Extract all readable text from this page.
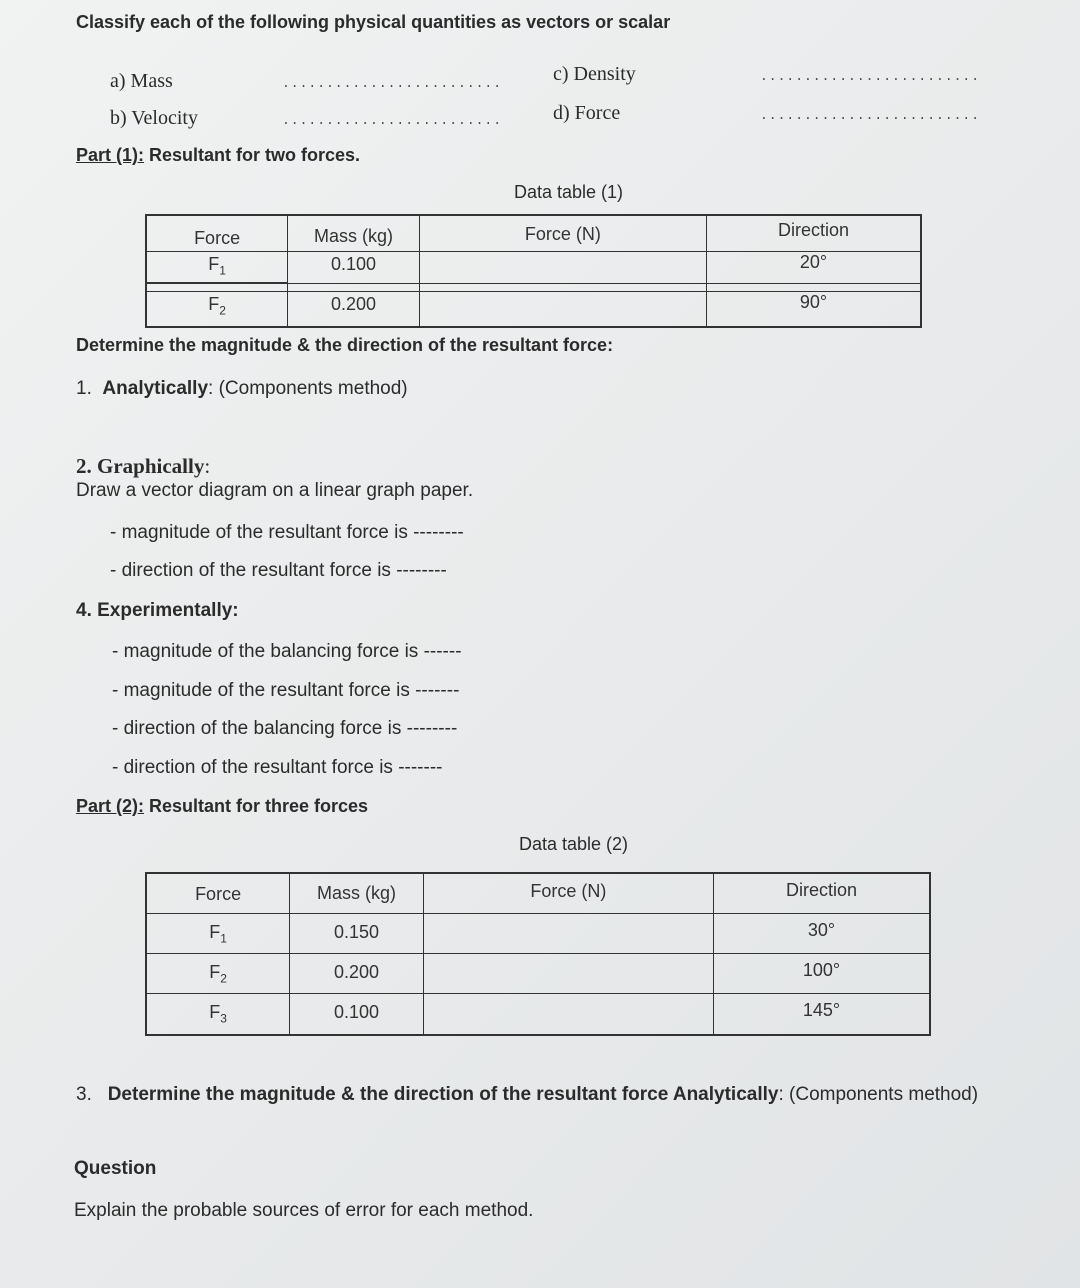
Classify each of the following physical quantities as vectors or scalar
a) Mass	.........................
b) Velocity	.........................
c) Density	.........................
d) Force	.........................
Part (1): Resultant for two forces.
Data table (1)
Force	Mass (kg)	Force (N)	Direction
$F_1$	0.100		20°

$F_2$	0.200		90°
Determine the magnitude & the direction of the resultant force:
1. Analytically: (Components method)
2. Graphically:
Draw a vector diagram on a linear graph paper.
- magnitude of the resultant force is --------
- direction of the resultant force is --------
4. Experimentally:
- magnitude of the balancing force is ------
- magnitude of the resultant force is -------
- direction of the balancing force is --------
- direction of the resultant force is -------
Part (2): Resultant for three forces
Data table (2)
Force	Mass (kg)	Force (N)	Direction
$F_1$	0.150		30°
$F_2$	0.200		100°
$F_3$	0.100		145°
3. Determine the magnitude & the direction of the resultant force Analytically: (Components method)
Question
Explain the probable sources of error for each method.
